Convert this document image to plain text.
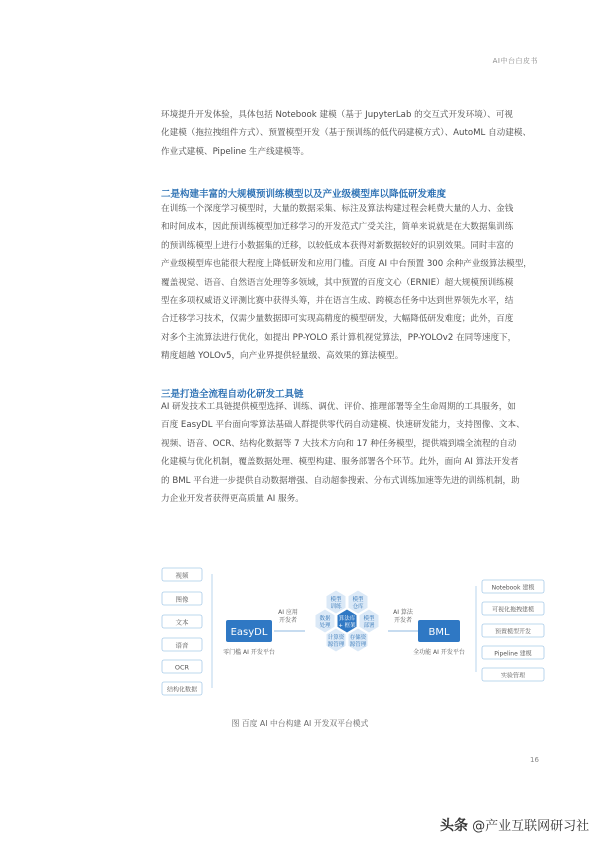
AI中台白皮书

环境提升开发体验，具体包括 Notebook 建模（基于 JupyterLab 的交互式开发环境）、可视

化建模（拖拉拽组件方式）、预置模型开发（基于预训练的低代码建模方式）、AutoML 自动建模、

作业式建模、Pipeline 生产线建模等。

二是构建丰富的大规模预训练模型以及产业级模型库以降低研发难度

在训练一个深度学习模型时，大量的数据采集、标注及算法构建过程会耗费大量的人力、金钱

和时间成本，因此预训练模型加迁移学习的开发范式广受关注，简单来说就是在大数据集训练

的预训练模型上进行小数据集的迁移，以较低成本获得对新数据较好的识别效果。同时丰富的

产业级模型库也能很大程度上降低研发和应用门槛。百度 AI 中台预置 300 余种产业级算法模型，

覆盖视觉、语音、自然语言处理等多领域，其中预置的百度文心（ERNIE）超大规模预训练模

型在多项权威语义评测比赛中获得头筹，并在语言生成、跨模态任务中达到世界领先水平，结

合迁移学习技术，仅需少量数据即可实现高精度的模型研发，大幅降低研发难度；此外，百度

对多个主流算法进行优化，如提出 PP-YOLO 系计算机视觉算法，PP-YOLOv2 在同等速度下，

精度超越 YOLOv5，向产业界提供轻量级、高效果的算法模型。

三是打造全流程自动化研发工具链

AI 研发技术工具链提供模型选择、训练、调优、评价、推理部署等全生命周期的工具服务，如

百度 EasyDL 平台面向零算法基础人群提供零代码自动建模、快速研发能力，支持图像、文本、

视频、语音、OCR、结构化数据等 7 大技术方向和 17 种任务模型，提供端到端全流程的自动

化建模与优化机制，覆盖数据处理、模型构建、服务部署各个环节。此外，面向 AI 算法开发者

的 BML 平台进一步提供自动数据增强、自动超参搜索、分布式训练加速等先进的训练机制，助

力企业开发者获得更高质量 AI 服务。

视频
图像
文本
语音
OCR
结构化数据
EasyDL
零门槛 AI 开发平台
AI 应用
开发者
模型
训练
模型
仓库
数据
处理
算法库
+ 框架
模型
部署
计算资
源管理
存储资
源管理
AI 算法
开发者
BML
全功能 AI 开发平台
Notebook 建模
可视化拖拽建模
预置模型开发
Pipeline 建模
实验管理
图 百度 AI 中台构建 AI 开发双平台模式
16
头条 @产业互联网研习社
